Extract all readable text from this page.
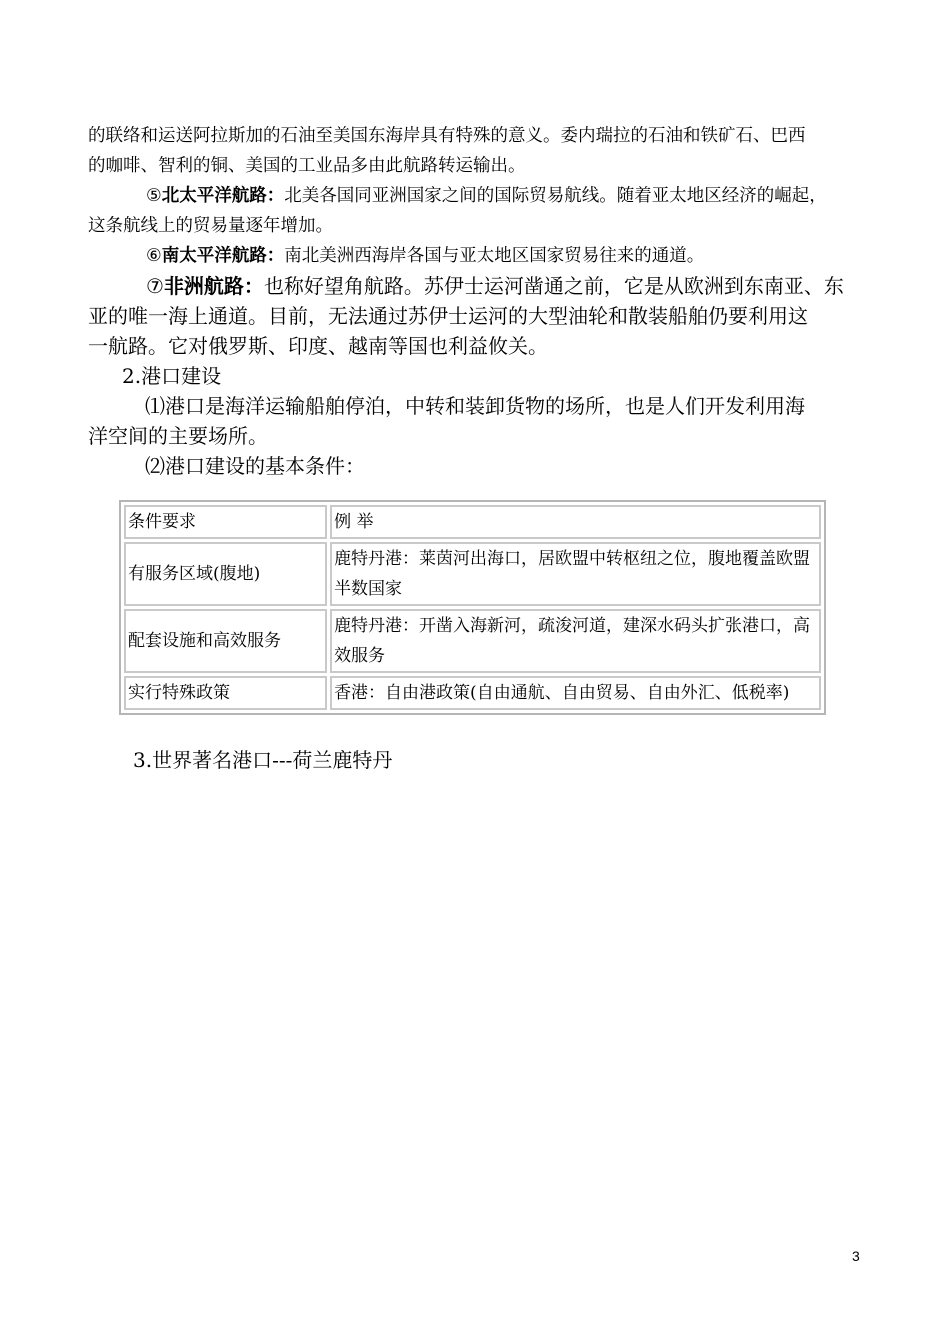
的联络和运送阿拉斯加的石油至美国东海岸具有特殊的意义。委内瑞拉的石油和铁矿石、巴西
的咖啡、智利的铜、美国的工业品多由此航路转运输出。
⑤北太平洋航路：北美各国同亚洲国家之间的国际贸易航线。随着亚太地区经济的崛起，
这条航线上的贸易量逐年增加。
⑥南太平洋航路：南北美洲西海岸各国与亚太地区国家贸易往来的通道。
⑦非洲航路：也称好望角航路。苏伊士运河凿通之前，它是从欧洲到东南亚、东
亚的唯一海上通道。目前，无法通过苏伊士运河的大型油轮和散装船舶仍要利用这
一航路。它对俄罗斯、印度、越南等国也利益攸关。
2.港口建设
⑴港口是海洋运输船舶停泊，中转和装卸货物的场所，也是人们开发利用海
洋空间的主要场所。
⑵港口建设的基本条件：
条件要求	例 举
有服务区域(腹地)	鹿特丹港：莱茵河出海口，居欧盟中转枢纽之位，腹地覆盖欧盟半数国家
配套设施和高效服务	鹿特丹港：开凿入海新河，疏浚河道，建深水码头扩张港口，高效服务
实行特殊政策	香港：自由港政策(自由通航、自由贸易、自由外汇、低税率)
3.世界著名港口---荷兰鹿特丹
3
